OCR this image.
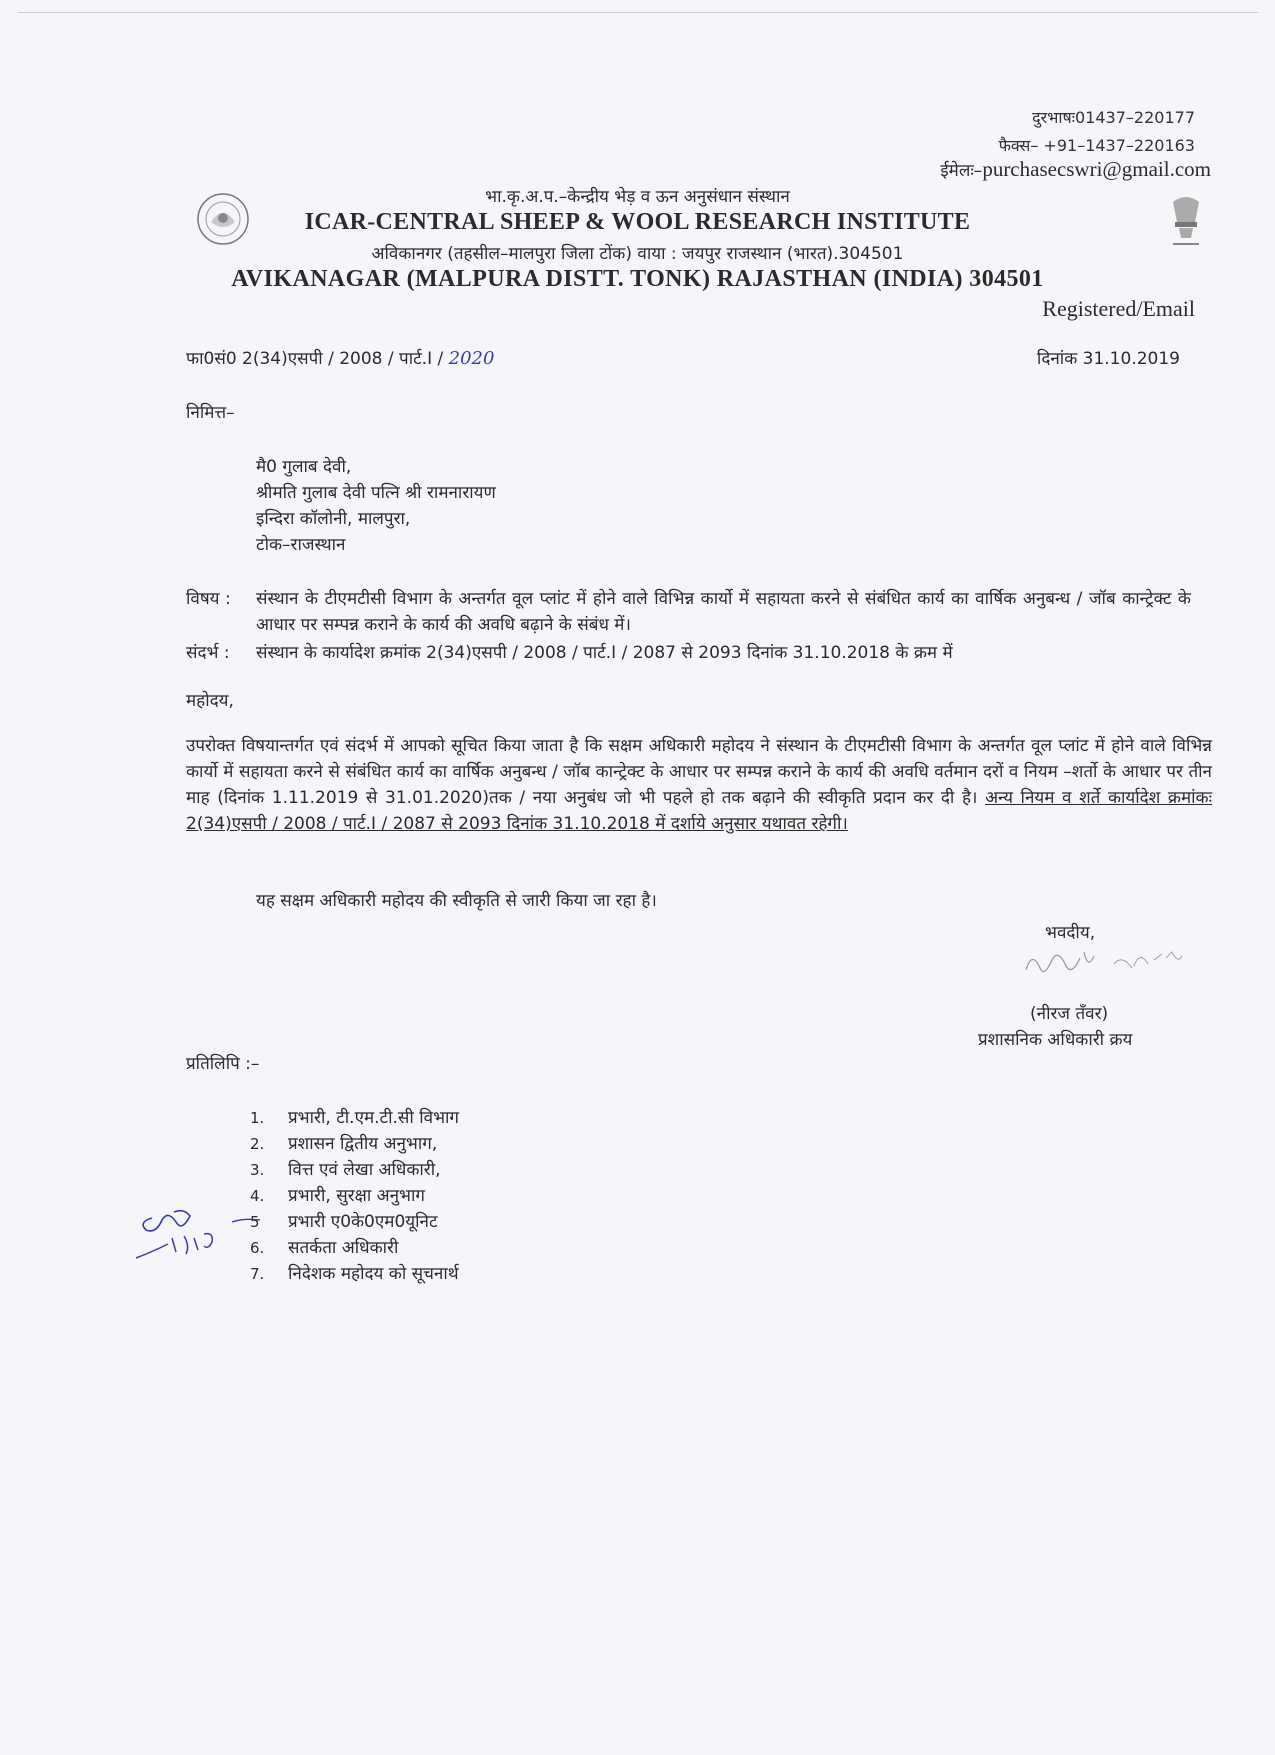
दुरभाषः01437–220177
फैक्स– +91–1437–220163
ईमेलः–purchasecswri@gmail.com
भा.कृ.अ.प.–केन्द्रीय भेड़ व ऊन अनुसंधान संस्थान
ICAR-CENTRAL SHEEP & WOOL RESEARCH INSTITUTE
अविकानगर (तहसील–मालपुरा जिला टोंक) वाया : जयपुर राजस्थान (भारत).304501
AVIKANAGAR (MALPURA DISTT. TONK) RAJASTHAN (INDIA) 304501
Registered/Email
फा0सं0 2(34)एसपी / 2008 / पार्ट.I / 2020	दिनांक 31.10.2019
निमित्त–
मै0 गुलाब देवी,
श्रीमति गुलाब देवी पत्नि श्री रामनारायण
इन्दिरा कॉलोनी, मालपुरा,
टोक–राजस्थान
विषय :	संस्थान के टीएमटीसी विभाग के अन्तर्गत वूल प्लांट में होने वाले विभिन्न कार्यो में सहायता करने से संबंधित कार्य का वार्षिक अनुबन्ध / जॉब कान्ट्रेक्ट के आधार पर सम्पन्न कराने के कार्य की अवधि बढ़ाने के संबंध में।
संदर्भ :	संस्थान के कार्यादेश क्रमांक 2(34)एसपी / 2008 / पार्ट.I / 2087 से 2093 दिनांक 31.10.2018 के क्रम में
महोदय,
उपरोक्त विषयान्तर्गत एवं संदर्भ में आपको सूचित किया जाता है कि सक्षम अधिकारी महोदय ने संस्थान के टीएमटीसी विभाग के अन्तर्गत वूल प्लांट में होने वाले विभिन्न कार्यो में सहायता करने से संबंधित कार्य का वार्षिक अनुबन्ध / जॉब कान्ट्रेक्ट के आधार पर सम्पन्न कराने के कार्य की अवधि वर्तमान दरों व नियम –शर्तो के आधार पर तीन माह (दिनांक 1.11.2019 से 31.01.2020)तक / नया अनुबंध जो भी पहले हो तक बढ़ाने की स्वीकृति प्रदान कर दी है। अन्य नियम व शर्ते कार्यादेश क्रमांकः 2(34)एसपी / 2008 / पार्ट.I / 2087 से 2093 दिनांक 31.10.2018 में दर्शाये अनुसार यथावत रहेगी।
यह सक्षम अधिकारी महोदय की स्वीकृति से जारी किया जा रहा है।
भवदीय,
(नीरज तँवर)
प्रशासनिक अधिकारी क्रय
प्रतिलिपि :–
1. प्रभारी, टी.एम.टी.सी विभाग
2. प्रशासन द्वितीय अनुभाग,
3. वित्त एवं लेखा अधिकारी,
4. प्रभारी, सुरक्षा अनुभाग
5 प्रभारी ए0के0एम0यूनिट
6. सतर्कता अधिकारी
7. निदेशक महोदय को सूचनार्थ
